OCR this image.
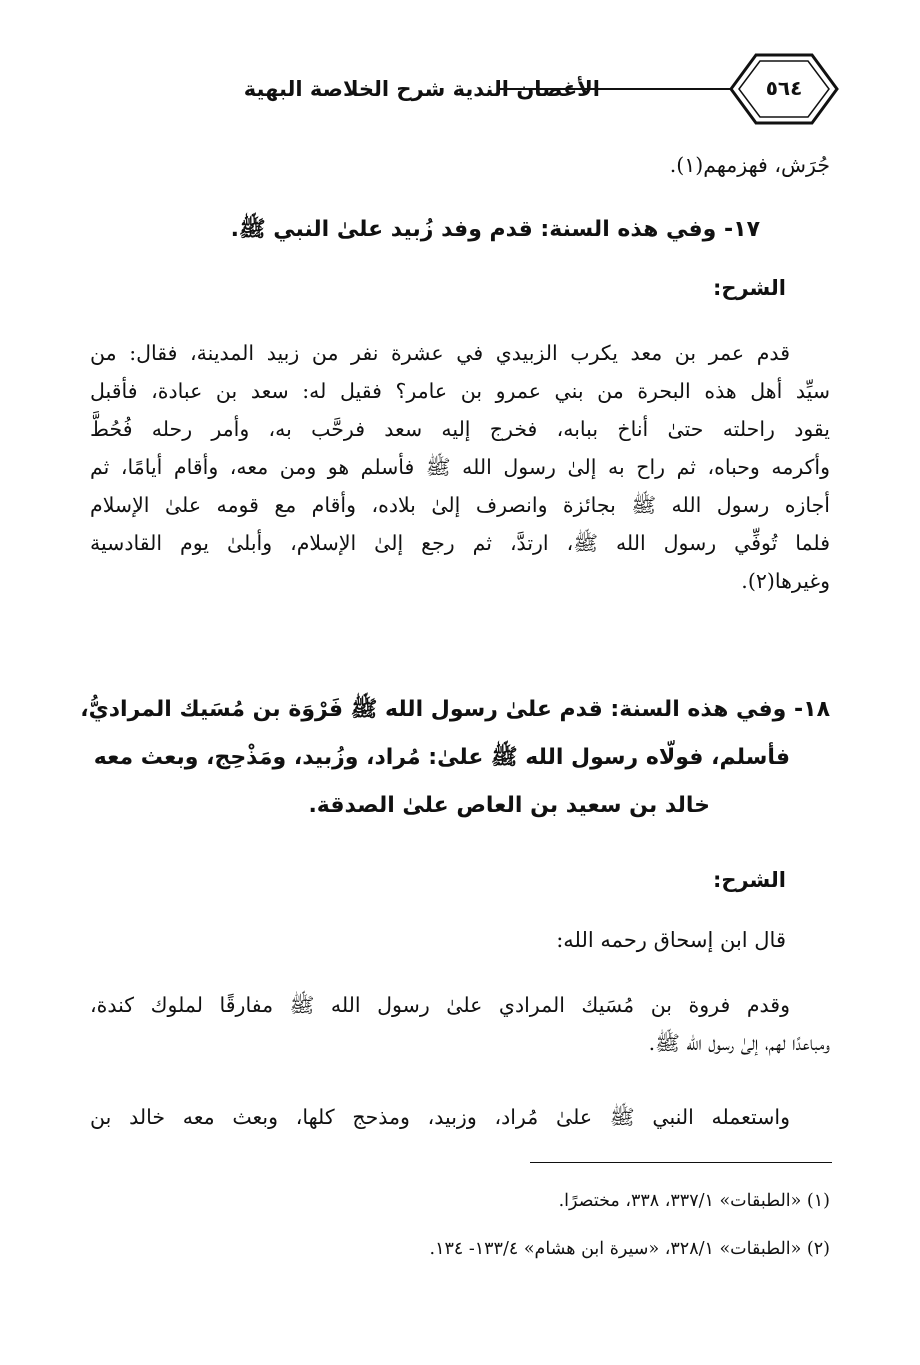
الأغصان الندية شرح الخلاصة البهية	٥٦٤
جُرَش، فهزمهم(١).
١٧- وفي هذه السنة: قدم وفد زُبيد علىٰ النبي ﷺ.
الشرح:
قدم عمر بن معد يكرب الزبيدي في عشرة نفر من زبيد المدينة، فقال: من
سيِّد أهل هذه البحرة من بني عمرو بن عامر؟ فقيل له: سعد بن عبادة، فأقبل
يقود راحلته حتىٰ أناخ ببابه، فخرج إليه سعد فرحَّب به، وأمر رحله فُحُطَّ
وأكرمه وحباه، ثم راح به إلىٰ رسول الله ﷺ فأسلم هو ومن معه، وأقام أيامًا، ثم
أجازه رسول الله ﷺ بجائزة وانصرف إلىٰ بلاده، وأقام مع قومه علىٰ الإسلام
فلما تُوفِّي رسول الله ﷺ، ارتدَّ، ثم رجع إلىٰ الإسلام، وأبلىٰ يوم القادسية
وغيرها(٢).
١٨- وفي هذه السنة: قدم علىٰ رسول الله ﷺ فَرْوَة بن مُسَيك المراديُّ،
فأسلم، فولّاه رسول الله ﷺ علىٰ: مُراد، وزُبيد، ومَذْحِج، وبعث معه
خالد بن سعيد بن العاص علىٰ الصدقة.
الشرح:
قال ابن إسحاق رحمه الله:
وقدم فروة بن مُسَيك المرادي علىٰ رسول الله ﷺ مفارقًا لملوك كندة،
ومباعدًا لهم، إلىٰ رسول الله ﷺ.
واستعمله النبي ﷺ علىٰ مُراد، وزبيد، ومذحج كلها، وبعث معه خالد بن
(١) «الطبقات» ٣٣٧/١، ٣٣٨، مختصرًا.
(٢) «الطبقات» ٣٢٨/١، «سيرة ابن هشام» ١٣٣/٤- ١٣٤.
